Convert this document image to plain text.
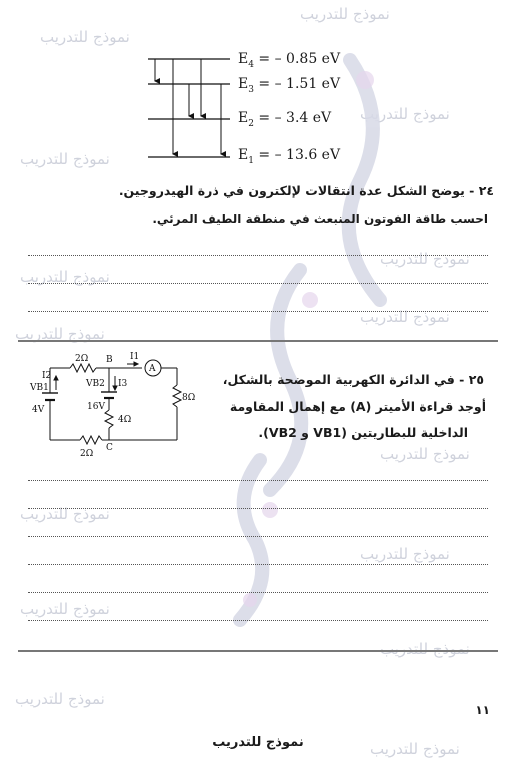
نموذج للتدريب
نموذج للتدريب
نموذج للتدريب
نموذج للتدريب
نموذج للتدريب
نموذج للتدريب
نموذج للتدريب
نموذج للتدريب
نموذج للتدريب
نموذج للتدريب
نموذج للتدريب
نموذج للتدريب
نموذج للتدريب
نموذج للتدريب
نموذج للتدريب
$E_4$ = – 0.85 eV
$E_3$ = – 1.51 eV
$E_2$ = – 3.4 eV
$E_1$ = – 13.6 eV
٢٤ - يوضح الشكل عدة انتقالات لإلكترون في ذرة الهيدروجين.
احسب طاقة الفوتون المنبعث في منطقة الطيف المرئي.
2Ω B I1
A
I2
VB1
4V
VB2 I3
16V
4Ω
8Ω
C
2Ω
٢٥ - في الدائرة الكهربية الموضحة بالشكل،
أوجد قراءة الأميتر (A) مع إهمال المقاومة
الداخلية للبطاريتين (VB1 و VB2).
١١
نموذج للتدريب
